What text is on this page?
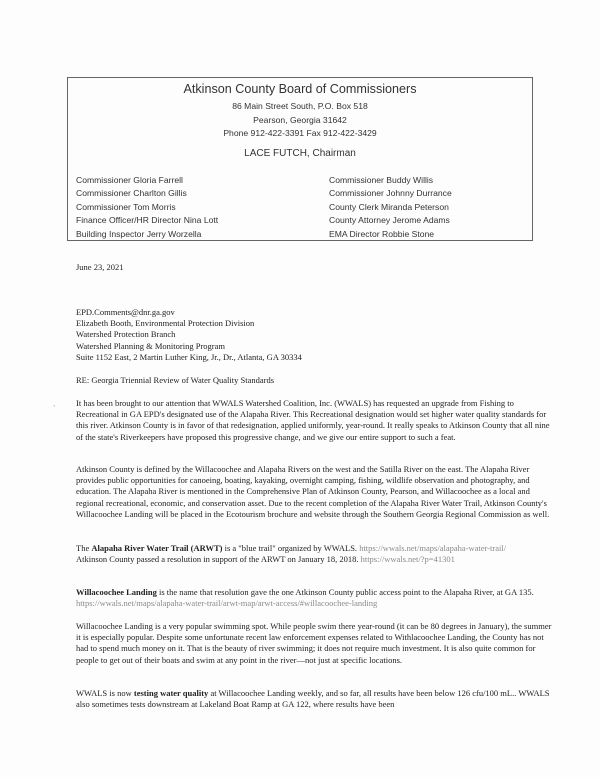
Atkinson County Board of Commissioners
86 Main Street South, P.O. Box 518
Pearson, Georgia 31642
Phone 912-422-3391 Fax 912-422-3429
LACE FUTCH, Chairman
Commissioner Gloria Farrell
Commissioner Charlton Gillis
Commissioner Tom Morris
Finance Officer/HR Director Nina Lott
Building Inspector Jerry Worzella
Commissioner Buddy Willis
Commissioner Johnny Durrance
County Clerk Miranda Peterson
County Attorney Jerome Adams
EMA Director Robbie Stone
June 23, 2021
EPD.Comments@dnr.ga.gov
Elizabeth Booth, Environmental Protection Division
Watershed Protection Branch
Watershed Planning & Monitoring Program
Suite 1152 East, 2 Martin Luther King, Jr., Dr., Atlanta, GA 30334
RE: Georgia Triennial Review of Water Quality Standards
ˎ It has been brought to our attention that WWALS Watershed Coalition, Inc. (WWALS) has requested an upgrade from Fishing to Recreational in GA EPD's designated use of the Alapaha River. This Recreational designation would set higher water quality standards for this river. Atkinson County is in favor of that redesignation, applied uniformly, year-round. It really speaks to Atkinson County that all nine of the state's Riverkeepers have proposed this progressive change, and we give our entire support to such a feat.

Atkinson County is defined by the Willacoochee and Alapaha Rivers on the west and the Satilla River on the east. The Alapaha River provides public opportunities for canoeing, boating, kayaking, overnight camping, fishing, wildlife observation and photography, and education. The Alapaha River is mentioned in the Comprehensive Plan of Atkinson County, Pearson, and Willacoochee as a local and regional recreational, economic, and conservation asset. Due to the recent completion of the Alapaha River Water Trail, Atkinson County's Willacoochee Landing will be placed in the Ecotourism brochure and website through the Southern Georgia Regional Commission as well.

The Alapaha River Water Trail (ARWT) is a "blue trail" organized by WWALS. https://wwals.net/maps/alapaha-water-trail/

Atkinson County passed a resolution in support of the ARWT on January 18, 2018. https://wwals.net/?p=41301

Willacoochee Landing is the name that resolution gave the one Atkinson County public access point to the Alapaha River, at GA 135. https://wwals.net/maps/alapaha-water-trail/arwt-map/arwt-access/#willacoochee-landing

Willacoochee Landing is a very popular swimming spot. While people swim there year-round (it can be 80 degrees in January), the summer it is especially popular. Despite some unfortunate recent law enforcement expenses related to Withlacoochee Landing, the County has not had to spend much money on it. That is the beauty of river swimming; it does not require much investment. It is also quite common for people to get out of their boats and swim at any point in the river—not just at specific locations.

WWALS is now testing water quality at Willacoochee Landing weekly, and so far, all results have been below 126 cfu/100 mL.. WWALS also sometimes tests downstream at Lakeland Boat Ramp at GA 122, where results have been
